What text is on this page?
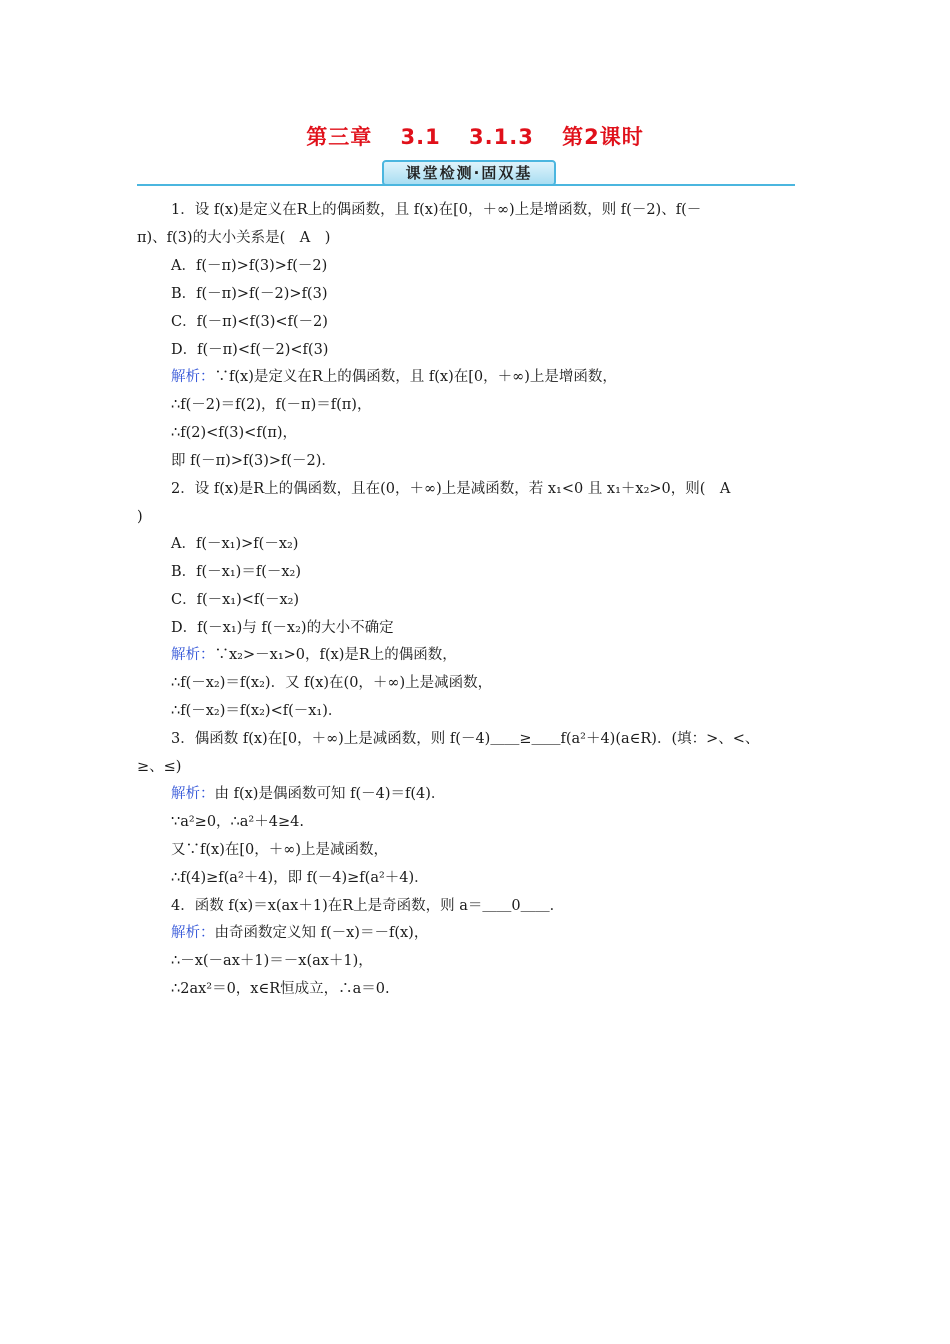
第三章 3.1 3.1.3 第2课时
课堂检测·固双基
1．设 f(x)是定义在R上的偶函数，且 f(x)在[0，＋∞)上是增函数，则 f(－2)、f(－
π)、f(3)的大小关系是(　A　)
A．f(－π)>f(3)>f(－2)
B．f(－π)>f(－2)>f(3)
C．f(－π)<f(3)<f(－2)
D．f(－π)<f(－2)<f(3)
解析：∵f(x)是定义在R上的偶函数，且 f(x)在[0，＋∞)上是增函数，
∴f(－2)＝f(2)，f(－π)＝f(π)，
∴f(2)<f(3)<f(π)，
即 f(－π)>f(3)>f(－2)．
2．设 f(x)是R上的偶函数，且在(0，＋∞)上是减函数，若 x₁<0 且 x₁＋x₂>0，则(　A
)
A．f(－x₁)>f(－x₂)
B．f(－x₁)＝f(－x₂)
C．f(－x₁)<f(－x₂)
D．f(－x₁)与 f(－x₂)的大小不确定
解析：∵x₂>－x₁>0，f(x)是R上的偶函数，
∴f(－x₂)＝f(x₂)．又 f(x)在(0，＋∞)上是减函数，
∴f(－x₂)＝f(x₂)<f(－x₁)．
3．偶函数 f(x)在[0，＋∞)上是减函数，则 f(－4)＿＿≥＿＿f(a²＋4)(a∈R)．(填：>、<、
≥、≤)
解析：由 f(x)是偶函数可知 f(－4)＝f(4)．
∵a²≥0，∴a²＋4≥4.
又∵f(x)在[0，＋∞)上是减函数，
∴f(4)≥f(a²＋4)，即 f(－4)≥f(a²＋4)．
4．函数 f(x)＝x(ax＋1)在R上是奇函数，则 a＝＿＿0＿＿．
解析：由奇函数定义知 f(－x)＝－f(x)，
∴－x(－ax＋1)＝－x(ax＋1)，
∴2ax²＝0，x∈R恒成立，∴a＝0.
